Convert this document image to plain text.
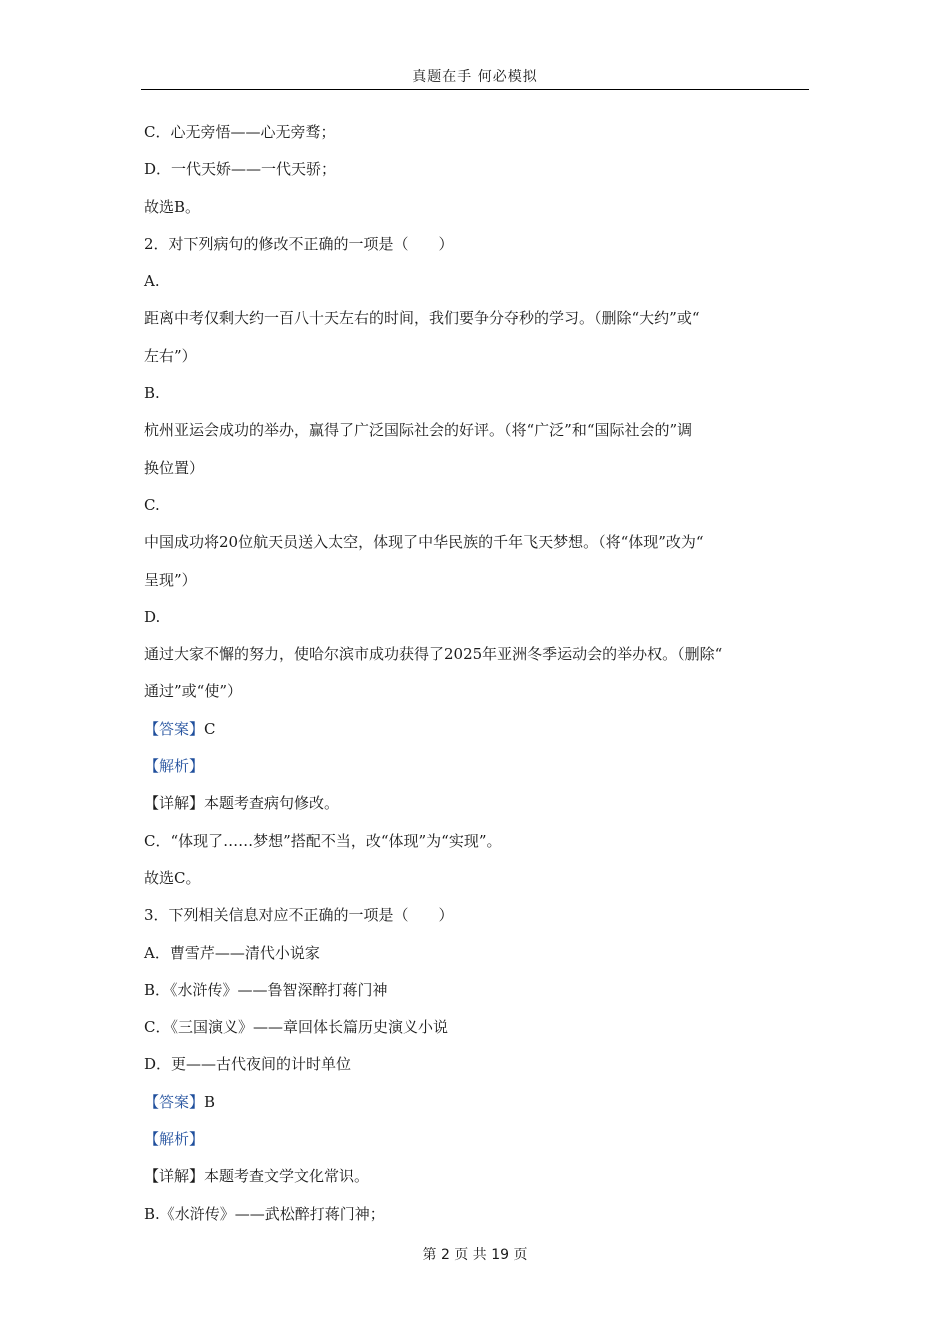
真题在手 何必模拟
C．心无旁悟——心无旁骛；
D．一代天娇——一代天骄；
故选B。
2．对下列病句的修改不正确的一项是（　　）
A.
距离中考仅剩大约一百八十天左右的时间，我们要争分夺秒的学习。（删除“大约”或“
左右”）
B.
杭州亚运会成功的举办，赢得了广泛国际社会的好评。（将“广泛”和“国际社会的”调
换位置）
C.
中国成功将20位航天员送入太空，体现了中华民族的千年飞天梦想。（将“体现”改为“
呈现”）
D.
通过大家不懈的努力，使哈尔滨市成功获得了2025年亚洲冬季运动会的举办权。（删除“
通过”或“使”）
【答案】C
【解析】
【详解】本题考查病句修改。
C．“体现了……梦想”搭配不当，改“体现”为“实现”。
故选C。
3．下列相关信息对应不正确的一项是（　　）
A．曹雪芹——清代小说家
B．《水浒传》——鲁智深醉打蒋门神
C．《三国演义》——章回体长篇历史演义小说
D．更——古代夜间的计时单位
【答案】B
【解析】
【详解】本题考查文学文化常识。
B.《水浒传》——武松醉打蒋门神；
第 2 页 共 19 页
